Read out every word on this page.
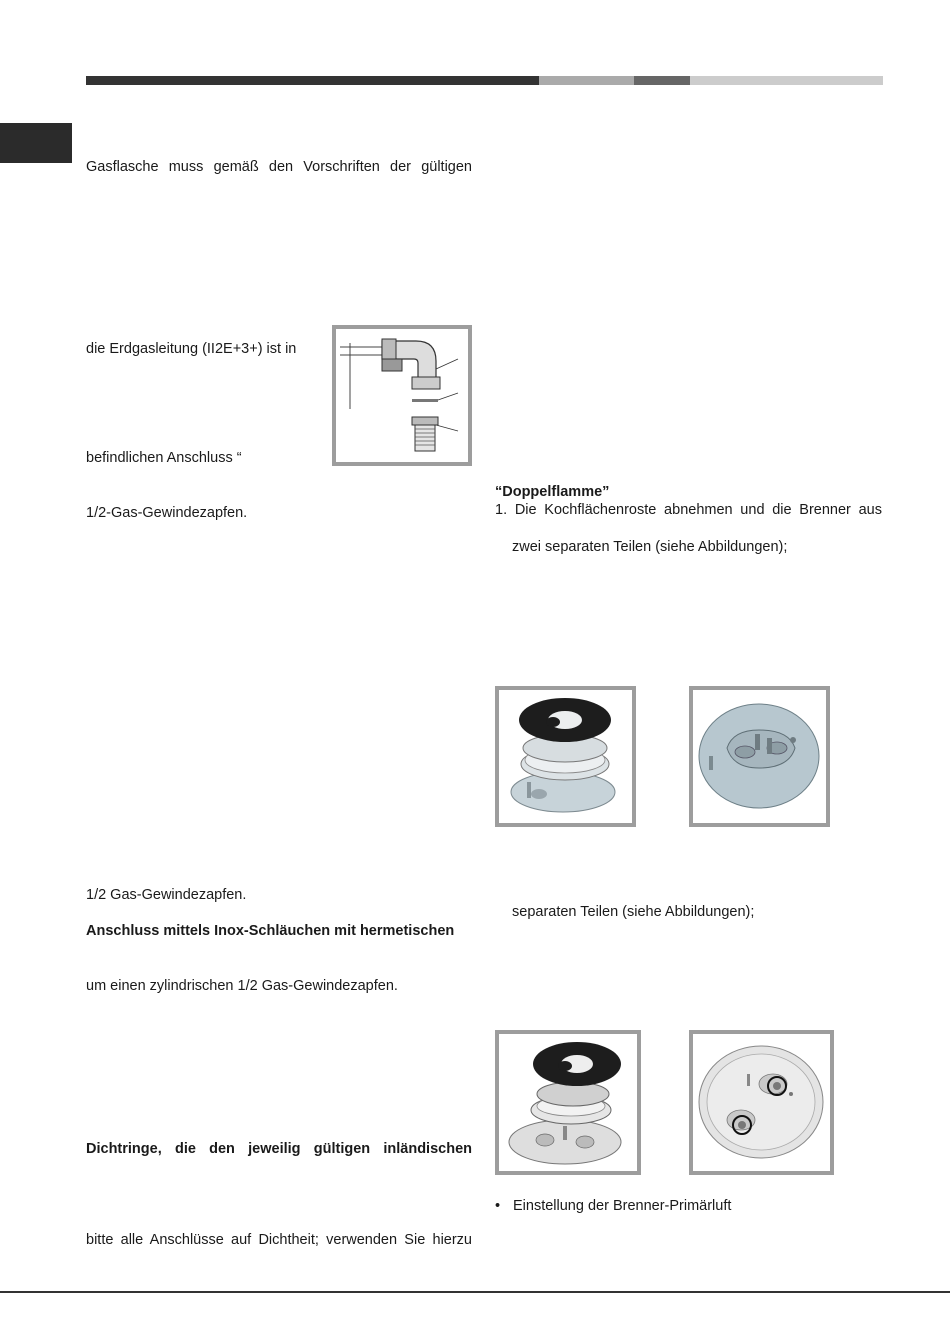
Gasflasche muss gemäß den Vorschriften der gültigen
die Erdgasleitung (II2E+3+) ist in
befindlichen Anschluss “
1/2-Gas-Gewindezapfen.
1/2 Gas-Gewindezapfen.
Anschluss mittels Inox-Schläuchen mit hermetischen
um einen zylindrischen 1/2 Gas-Gewindezapfen.
Dichtringe, die den jeweilig gültigen inländischen
bitte alle Anschlüsse auf Dichtheit; verwenden Sie hierzu
“Doppelflamme”
1. Die Kochflächenroste abnehmen und die Brenner aus
zwei separaten Teilen (siehe Abbildungen);
separaten Teilen (siehe Abbildungen);
• Einstellung der Brenner-Primärluft
